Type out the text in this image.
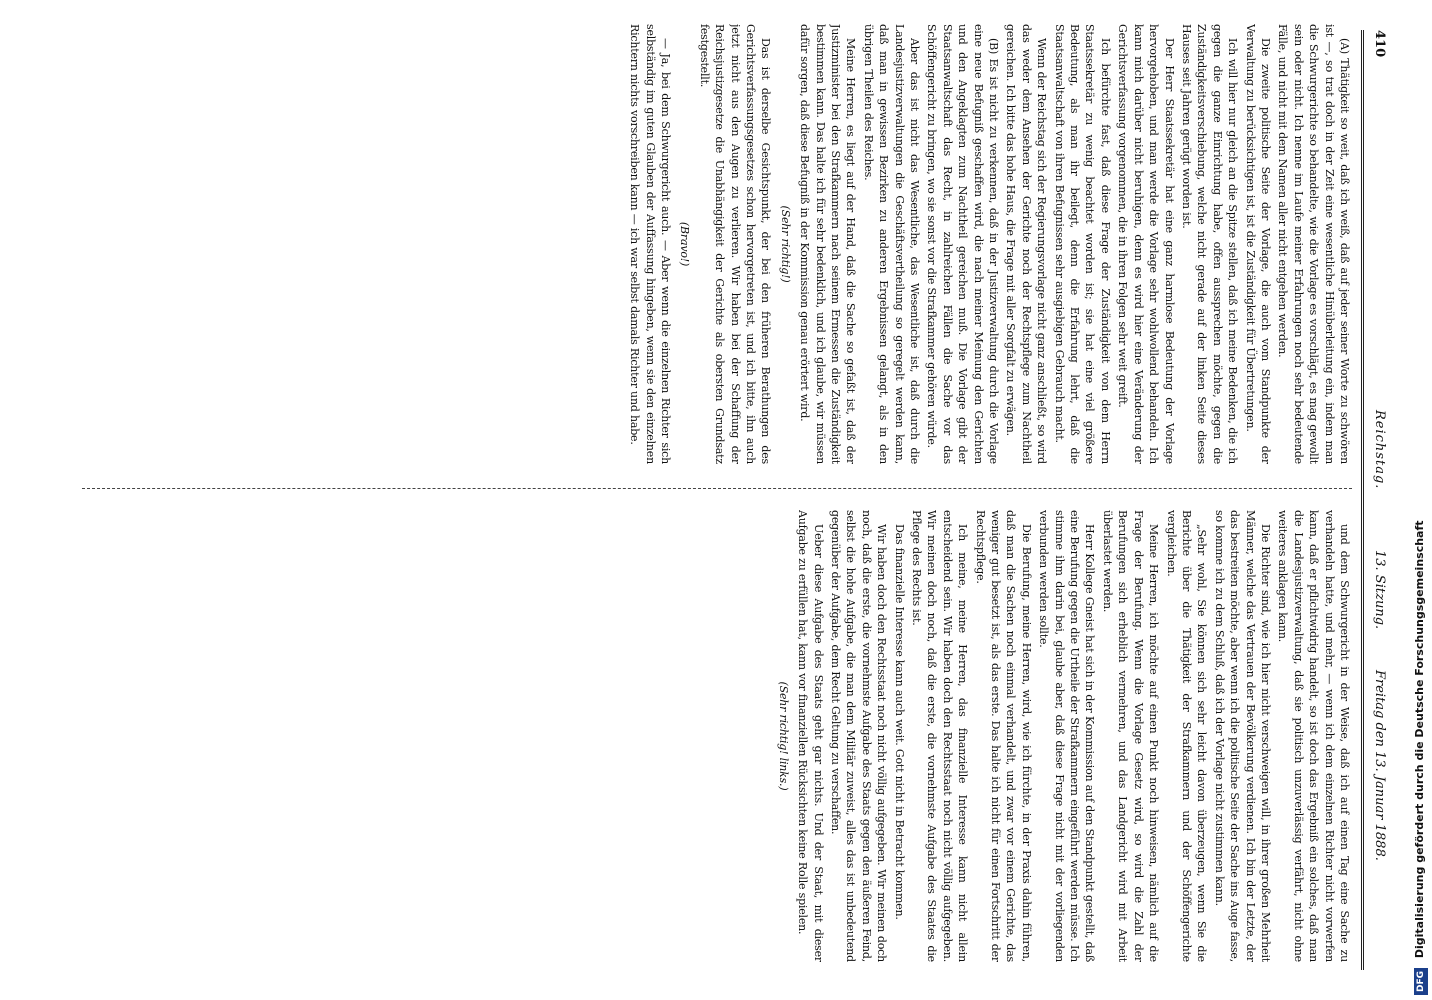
410
Reichstag.
13. Sitzung.
Freitag den 13. Januar 1888.

(A) Thätigkeit so weit, daß ich weiß, daß auf jeder seiner Worte zu schwören ist —, so trat doch in der Zeit eine wesentliche Hinüberleitung ein, indem man die Schwurgerichte so behandelte, wie die Vorlage es vorschlägt, es mag gewollt sein oder nicht. Ich nenne im Laufe meiner Erfahrungen noch sehr bedeutende Fälle, und nicht mit dem Namen aller nicht entgehen werden.

Die zweite politische Seite der Vorlage, die auch vom Standpunkte der Verwaltung zu berücksichtigen ist, ist die Zuständigkeit für Übertretungen.

Ich will hier nur gleich an die Spitze stellen, daß ich meine Bedenken, die ich gegen die ganze Einrichtung habe, offen aussprechen möchte, gegen die Zuständigkeitsverschiebung, welche nicht gerade auf der linken Seite dieses Hauses seit Jahren gerügt worden ist.

Der Herr Staatssekretär hat eine ganz harmlose Bedeutung der Vorlage hervorgehoben, und man werde die Vorlage sehr wohlwollend behandeln. Ich kann mich darüber nicht beruhigen, denn es wird hier eine Veränderung der Gerichtsverfassung vorgenommen, die in ihren Folgen sehr weit greift.

Ich befürchte fast, daß diese Frage der Zuständigkeit von dem Herrn Staatssekretär zu wenig beachtet worden ist; sie hat eine viel größere Bedeutung, als man ihr beilegt, denn die Erfahrung lehrt, daß die Staatsanwaltschaft von ihren Befugnissen sehr ausgiebigen Gebrauch macht.

Wenn der Reichstag sich der Regierungsvorlage nicht ganz anschließt, so wird das weder dem Ansehen der Gerichte noch der Rechtspflege zum Nachtheil gereichen. Ich bitte das hohe Haus, die Frage mit aller Sorgfalt zu erwägen.

(B) Es ist nicht zu verkennen, daß in der Justizverwaltung durch die Vorlage eine neue Befugniß geschaffen wird, die nach meiner Meinung den Gerichten und den Angeklagten zum Nachtheil gereichen muß. Die Vorlage gibt der Staatsanwaltschaft das Recht, in zahlreichen Fällen die Sache vor das Schöffengericht zu bringen, wo sie sonst vor die Strafkammer gehören würde.

Aber das ist nicht das Wesentliche, das Wesentliche ist, daß durch die Landesjustizverwaltungen die Geschäftsvertheilung so geregelt werden kann, daß man in gewissen Bezirken zu anderen Ergebnissen gelangt, als in den übrigen Theilen des Reiches.

Meine Herren, es liegt auf der Hand, daß die Sache so gefaßt ist, daß der Justizminister bei den Strafkammern nach seinem Ermessen die Zuständigkeit bestimmen kann. Das halte ich für sehr bedenklich, und ich glaube, wir müssen dafür sorgen, daß diese Befugniß in der Kommission genau erörtert wird.

(Sehr richtig!)

Das ist derselbe Gesichtspunkt, der bei den früheren Berathungen des Gerichtsverfassungsgesetzes schon hervorgetreten ist, und ich bitte, ihn auch jetzt nicht aus den Augen zu verlieren. Wir haben bei der Schaffung der Reichsjustizgesetze die Unabhängigkeit der Gerichte als obersten Grundsatz festgestellt.

(Bravo!)

— Ja, bei dem Schwurgericht auch. — Aber wenn die einzelnen Richter sich selbständig im guten Glauben der Auffassung hingeben, wenn sie den einzelnen Richtern nichts vorschreiben kann — ich war selbst damals Richter und habe.

und dem Schwurgericht in der Weise, daß ich auf einen Tag eine Sache zu verhandeln hatte, und mehr, — wenn ich dem einzelnen Richter nicht vorwerfen kann, daß er pflichtwidrig handelt, so ist doch das Ergebniß ein solches, daß man die Landesjustizverwaltung, daß sie politisch unzuverlässig verfährt, nicht ohne weiteres anklagen kann.

Die Richter sind, wie ich hier nicht verschweigen will, in ihrer großen Mehrheit Männer, welche das Vertrauen der Bevölkerung verdienen. Ich bin der Letzte, der das bestreiten möchte, aber wenn ich die politische Seite der Sache ins Auge fasse, so komme ich zu dem Schluß, daß ich der Vorlage nicht zustimmen kann.

„Sehr wohl, Sie können sich sehr leicht davon überzeugen, wenn Sie die Berichte über die Thätigkeit der Strafkammern und der Schöffengerichte vergleichen.

Meine Herren, ich möchte auf einen Punkt noch hinweisen, nämlich auf die Frage der Berufung. Wenn die Vorlage Gesetz wird, so wird die Zahl der Berufungen sich erheblich vermehren, und das Landgericht wird mit Arbeit überlastet werden.

Herr Kollege Gneist hat sich in der Kommission auf den Standpunkt gestellt, daß eine Berufung gegen die Urtheile der Strafkammern eingeführt werden müsse. Ich stimme ihm darin bei, glaube aber, daß diese Frage nicht mit der vorliegenden verbunden werden sollte.

Die Berufung, meine Herren, wird, wie ich fürchte, in der Praxis dahin führen, daß man die Sachen noch einmal verhandelt, und zwar vor einem Gerichte, das weniger gut besetzt ist, als das erste. Das halte ich nicht für einen Fortschritt der Rechtspflege.

Ich meine, meine Herren, das finanzielle Interesse kann nicht allein entscheidend sein. Wir haben doch den Rechtsstaat noch nicht völlig aufgegeben. Wir meinen doch noch, daß die erste, die vornehmste Aufgabe des Staates die Pflege des Rechts ist.

Das finanzielle Interesse kann auch weit. Gott nicht in Betracht kommen.

Wir haben doch den Rechtsstaat noch nicht völlig aufgegeben. Wir meinen doch noch, daß die erste, die vornehmste Aufgabe des Staats gegen den äußeren Feind, selbst die hohe Aufgabe, die man dem Militär zuweist, alles das ist unbedeutend gegenüber der Aufgabe, dem Recht Geltung zu verschaffen.

Ueber diese Aufgabe des Staats geht gar nichts. Und der Staat, mit dieser Aufgabe zu erfüllen hat, kann vor finanziellen Rücksichten keine Rolle spielen.

(Sehr richtig! links.)

DFG Digitalisierung gefördert durch die Deutsche Forschungsgemeinschaft
